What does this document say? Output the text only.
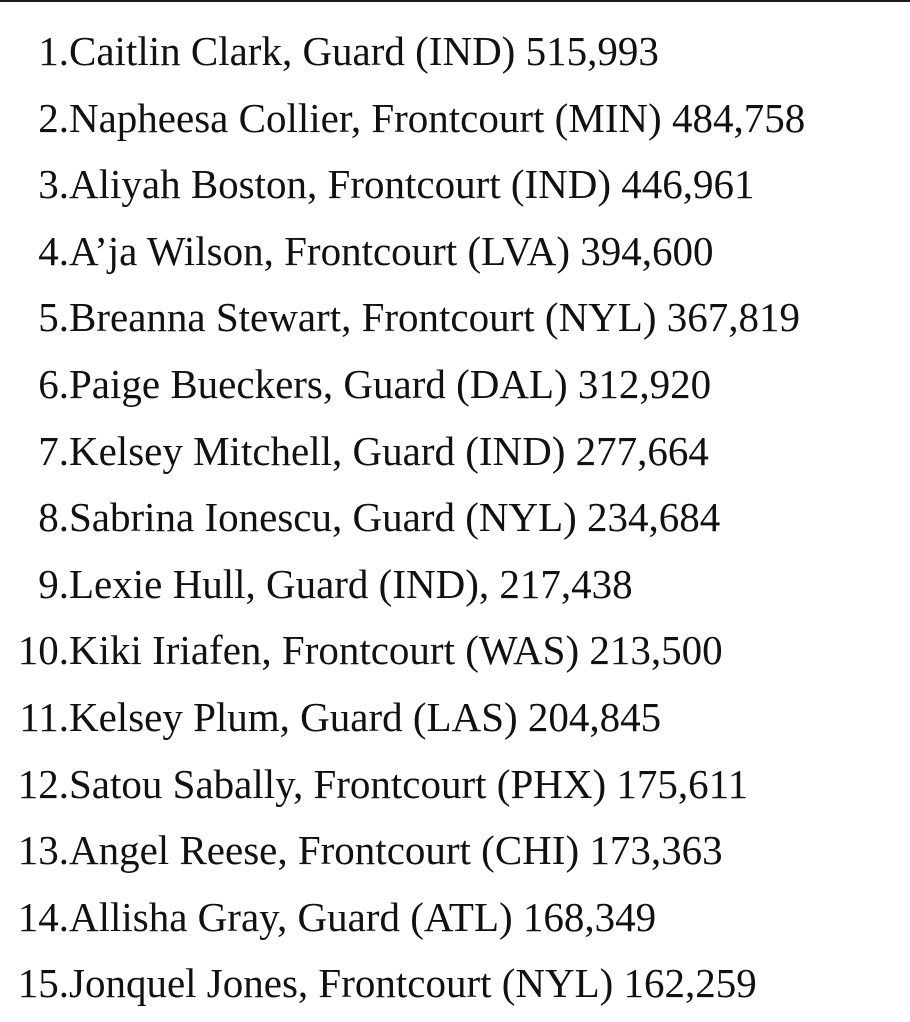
1. Caitlin Clark, Guard (IND) 515,993
2. Napheesa Collier, Frontcourt (MIN) 484,758
3. Aliyah Boston, Frontcourt (IND) 446,961
4. A’ja Wilson, Frontcourt (LVA) 394,600
5. Breanna Stewart, Frontcourt (NYL) 367,819
6. Paige Bueckers, Guard (DAL) 312,920
7. Kelsey Mitchell, Guard (IND) 277,664
8. Sabrina Ionescu, Guard (NYL) 234,684
9. Lexie Hull, Guard (IND), 217,438
10. Kiki Iriafen, Frontcourt (WAS) 213,500
11. Kelsey Plum, Guard (LAS) 204,845
12. Satou Sabally, Frontcourt (PHX) 175,611
13. Angel Reese, Frontcourt (CHI) 173,363
14. Allisha Gray, Guard (ATL) 168,349
15. Jonquel Jones, Frontcourt (NYL) 162,259
